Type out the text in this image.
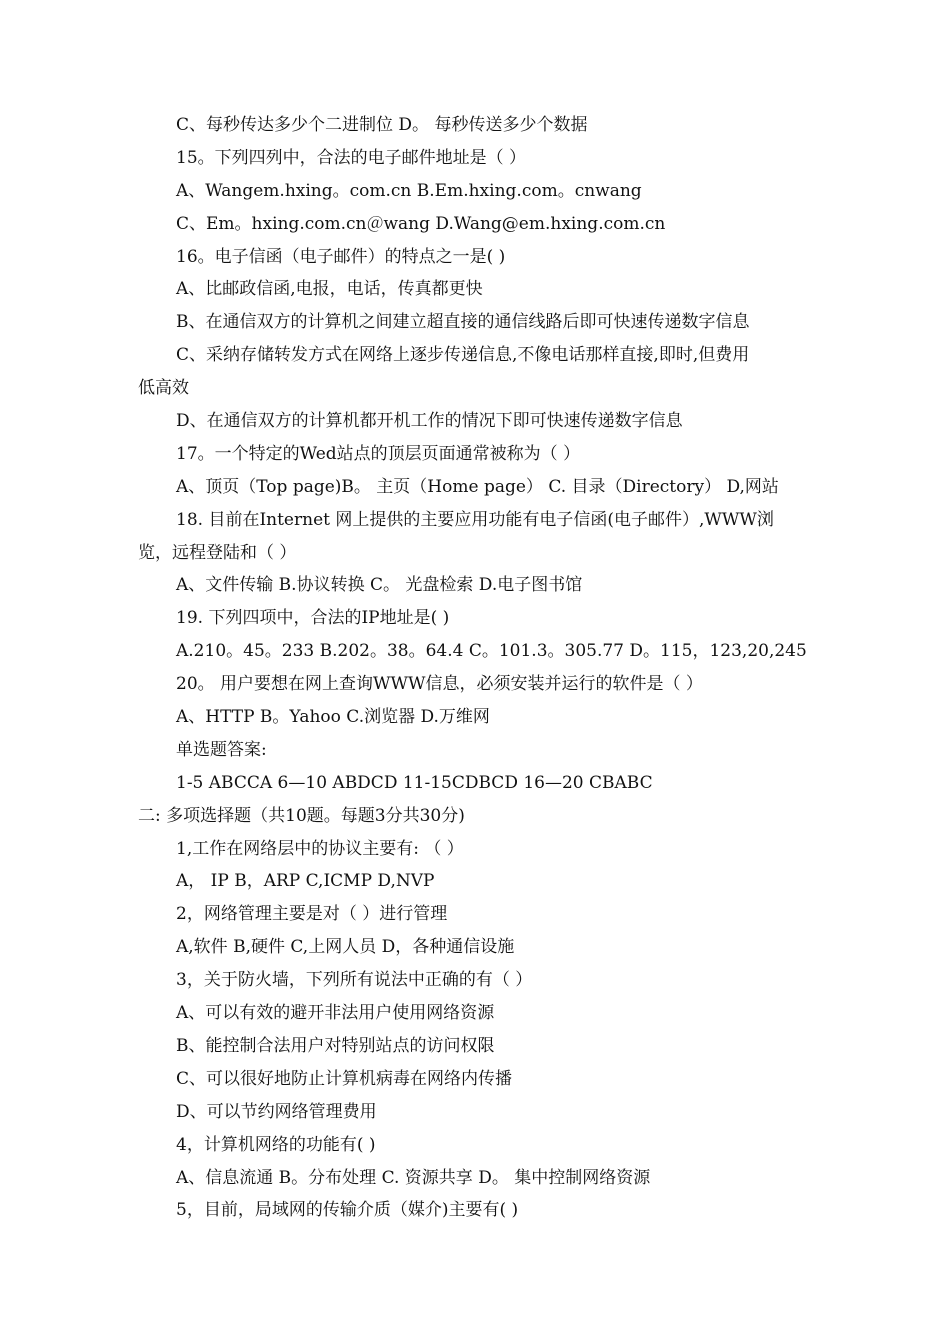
C、每秒传达多少个二进制位 D。 每秒传送多少个数据
15。下列四列中，合法的电子邮件地址是（ ）
A、Wangem.hxing。com.cn B.Em.hxing.com。cnwang
C、Em。hxing.com.cn＠wang D.Wang@em.hxing.com.cn
16。电子信函（电子邮件）的特点之一是( )
A、比邮政信函,电报，电话，传真都更快
B、在通信双方的计算机之间建立超直接的通信线路后即可快速传递数字信息
C、采纳存储转发方式在网络上逐步传递信息,不像电话那样直接,即时,但费用
低高效
D、在通信双方的计算机都开机工作的情况下即可快速传递数字信息
17。一个特定的Wed站点的顶层页面通常被称为（ ）
A、顶页（Top page)B。 主页（Home page） C. 目录（Directory） D,网站
18. 目前在Internet 网上提供的主要应用功能有电子信函(电子邮件）,WWW浏
览，远程登陆和（ ）
A、文件传输 B.协议转换 C。 光盘检索 D.电子图书馆
19. 下列四项中，合法的IP地址是( )
A.210。45。233 B.202。38。64.4 C。101.3。305.77 D。115，123,20,245
20。 用户要想在网上查询WWW信息，必须安装并运行的软件是（ ）
A、HTTP B。Yahoo C.浏览器 D.万维网
单选题答案:
1-5 ABCCA 6—10 ABDCD 11-15CDBCD 16—20 CBABC
二: 多项选择题（共10题。每题3分共30分)
1,工作在网络层中的协议主要有: （ ）
A， IP B，ARP C,ICMP D,NVP
2，网络管理主要是对（ ）进行管理
A,软件 B,硬件 C,上网人员 D，各种通信设施
3，关于防火墙，下列所有说法中正确的有（ ）
A、可以有效的避开非法用户使用网络资源
B、能控制合法用户对特别站点的访问权限
C、可以很好地防止计算机病毒在网络内传播
D、可以节约网络管理费用
4，计算机网络的功能有( )
A、信息流通 B。分布处理 C. 资源共享 D。 集中控制网络资源
5，目前，局域网的传输介质（媒介)主要有( )
